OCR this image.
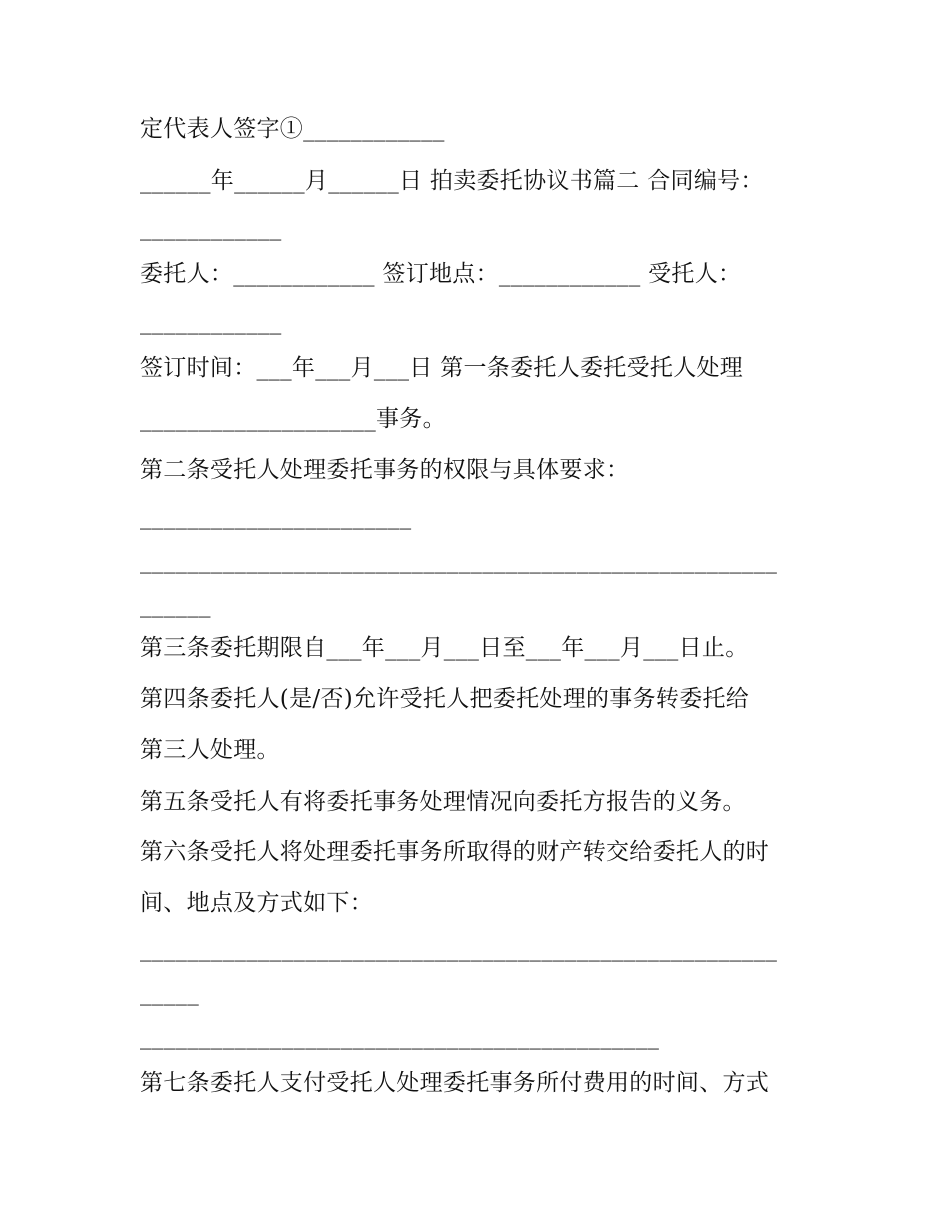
定代表人签字①____________
______年______月______日 拍卖委托协议书篇二 合同编号：
____________
委托人：____________ 签订地点：____________ 受托人：
____________
签订时间：___年___月___日 第一条委托人委托受托人处理
____________________事务。
第二条受托人处理委托事务的权限与具体要求：
_______________________
______________________________________________________
______
第三条委托期限自___年___月___日至___年___月___日止。
第四条委托人(是/否)允许受托人把委托处理的事务转委托给
第三人处理。
第五条受托人有将委托事务处理情况向委托方报告的义务。
第六条受托人将处理委托事务所取得的财产转交给委托人的时
间、地点及方式如下：
______________________________________________________
_____
____________________________________________
第七条委托人支付受托人处理委托事务所付费用的时间、方式
